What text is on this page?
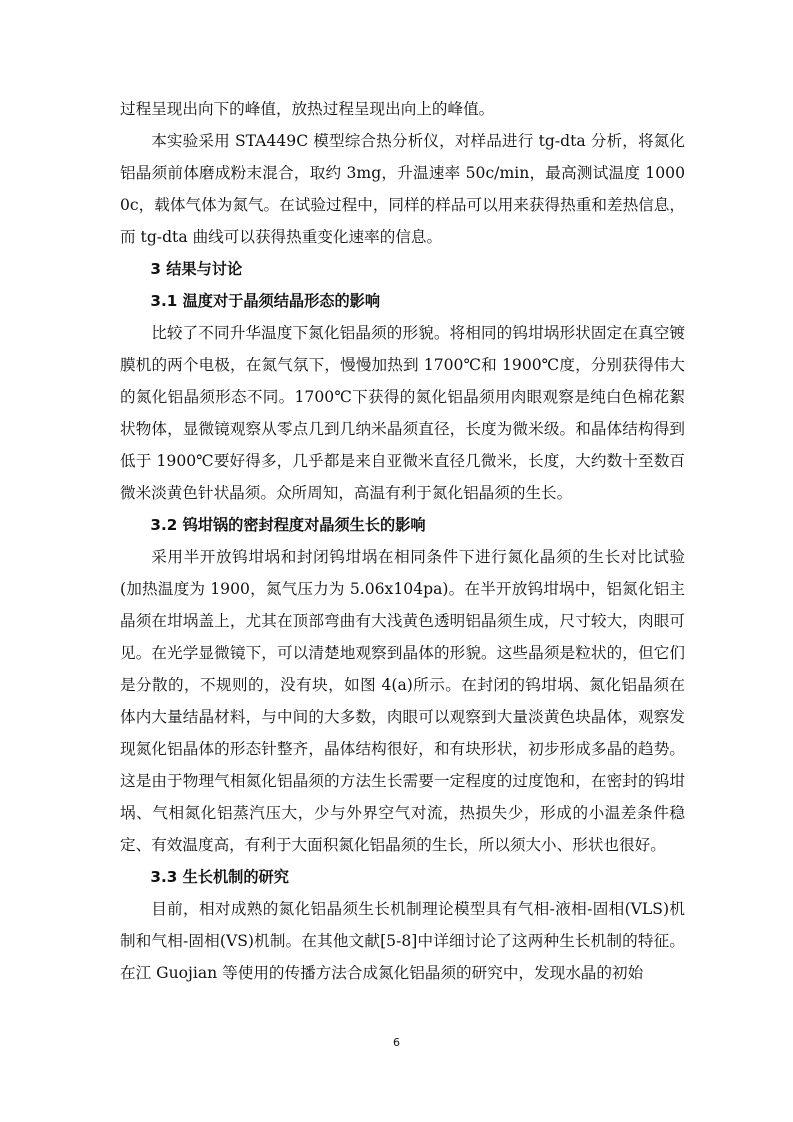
过程呈现出向下的峰值，放热过程呈现出向上的峰值。

本实验采用 STA449C 模型综合热分析仪，对样品进行 tg-dta 分析，将氮化铝晶须前体磨成粉末混合，取约 3mg，升温速率 50c/min，最高测试温度 10000c，载体气体为氮气。在试验过程中，同样的样品可以用来获得热重和差热信息，而 tg-dta 曲线可以获得热重变化速率的信息。

3 结果与讨论

3.1 温度对于晶须结晶形态的影响

比较了不同升华温度下氮化铝晶须的形貌。将相同的钨坩埚形状固定在真空镀膜机的两个电极，在氮气氛下，慢慢加热到 1700℃和 1900℃度，分别获得伟大的氮化铝晶须形态不同。1700℃下获得的氮化铝晶须用肉眼观察是纯白色棉花絮状物体，显微镜观察从零点几到几纳米晶须直径，长度为微米级。和晶体结构得到低于 1900℃要好得多，几乎都是来自亚微米直径几微米，长度，大约数十至数百微米淡黄色针状晶须。众所周知，高温有利于氮化铝晶须的生长。

3.2 钨坩锅的密封程度对晶须生长的影响

采用半开放钨坩埚和封闭钨坩埚在相同条件下进行氮化晶须的生长对比试验(加热温度为 1900，氮气压力为 5.06x104pa)。在半开放钨坩埚中，铝氮化铝主晶须在坩埚盖上，尤其在顶部弯曲有大浅黄色透明铝晶须生成，尺寸较大，肉眼可见。在光学显微镜下，可以清楚地观察到晶体的形貌。这些晶须是粒状的，但它们是分散的，不规则的，没有块，如图 4(a)所示。在封闭的钨坩埚、氮化铝晶须在体内大量结晶材料，与中间的大多数，肉眼可以观察到大量淡黄色块晶体，观察发现氮化铝晶体的形态针整齐，晶体结构很好，和有块形状，初步形成多晶的趋势。这是由于物理气相氮化铝晶须的方法生长需要一定程度的过度饱和，在密封的钨坩埚、气相氮化铝蒸汽压大，少与外界空气对流，热损失少，形成的小温差条件稳定、有效温度高，有利于大面积氮化铝晶须的生长，所以须大小、形状也很好。

3.3 生长机制的研究

目前，相对成熟的氮化铝晶须生长机制理论模型具有气相-液相-固相(VLS)机制和气相-固相(VS)机制。在其他文献[5-8]中详细讨论了这两种生长机制的特征。在江 Guojian 等使用的传播方法合成氮化铝晶须的研究中，发现水晶的初始

6
